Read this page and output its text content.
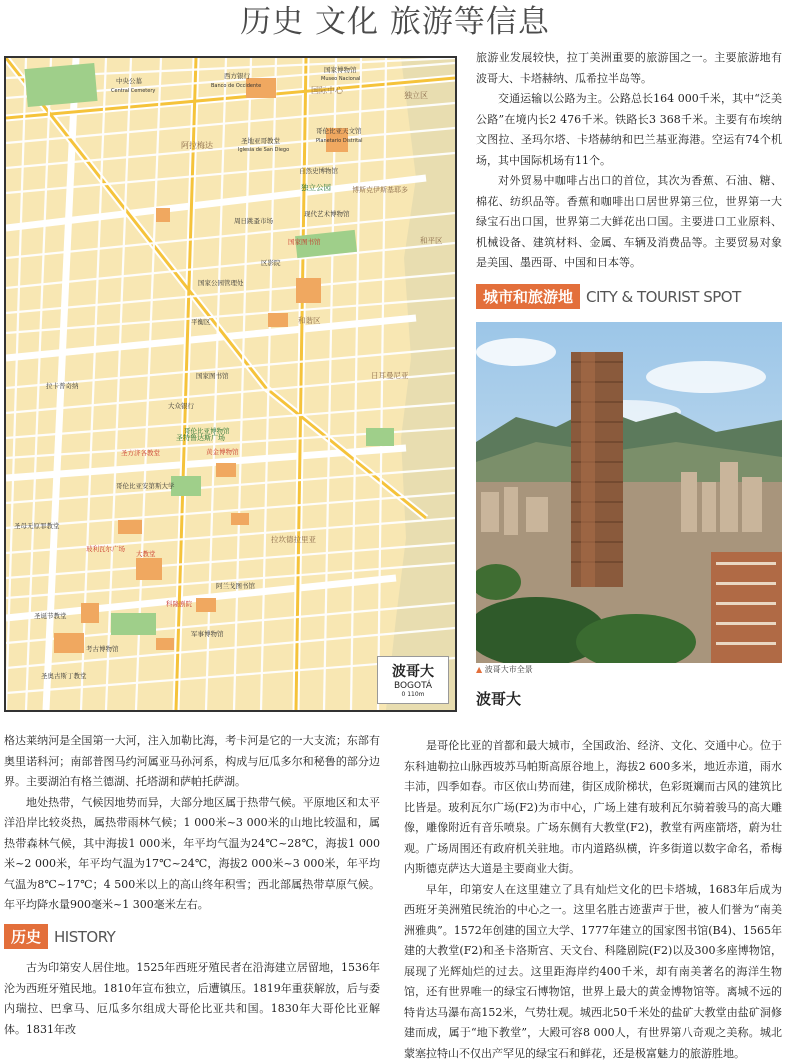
历史 文化 旅游等信息
中央公墓
Central Cemetery
西方银行
Banco de Occidente
国家博物馆
Museo Nacional
国际中心
独立区
阿拉梅达	圣地亚哥教堂
Iglesia de San Diego
哥伦比亚天文馆
Planetario Distrital
自然史博物馆
独立公园	博斯克伊斯基耶多
现代艺术博物馆
周日跳蚤市场
国家图书馆
区影院
和平区
国家公园管理处
平衡区	和谐区
国家图书馆
大众银行
哥伦比亚博物馆
圣特鲁达斯广场
圣方济各教堂	黄金博物馆
拉卡普奇纳
日耳曼尼亚
哥伦比亚安第斯大学
玻利瓦尔广场
大教堂
科隆剧院
拉坎德拉里亚
军事博物馆
阿兰戈图书馆
考古博物馆
圣奥古斯丁教堂
圣诞节教堂
圣母无原罪教堂
波哥大
BOGOTÁ
0 110m

旅游业发展较快，拉丁美洲重要的旅游国之一。主要旅游地有波哥大、卡塔赫纳、瓜希拉半岛等。

交通运输以公路为主。公路总长164 000千米，其中“泛美公路”在境内长2 476千米。铁路长3 368千米。主要有布埃纳文图拉、圣玛尔塔、卡塔赫纳和巴兰基亚海港。空运有74个机场，其中国际机场有11个。

对外贸易中咖啡占出口的首位，其次为香蕉、石油、糖、棉花、纺织品等。香蕉和咖啡出口居世界第三位，世界第一大绿宝石出口国，世界第二大鲜花出口国。主要进口工业原料、机械设备、建筑材料、金属、车辆及消费品等。主要贸易对象是美国、墨西哥、中国和日本等。

城市和旅游地 CITY & TOURIST SPOT
▲ 波哥大市全景
波哥大

格达莱纳河是全国第一大河，注入加勒比海，考卡河是它的一大支流；东部有奥里诺科河；南部普图马约河属亚马孙河系，构成与厄瓜多尔和秘鲁的部分边界。主要湖泊有格兰德湖、托塔湖和萨帕托萨湖。

地处热带，气候因地势而异，大部分地区属于热带气候。平原地区和太平洋沿岸比较炎热，属热带雨林气候；1 000米~3 000米的山地比较温和，属热带森林气候，其中海拔1 000米，年平均气温为24℃~28℃，海拔1 000米~2 000米，年平均气温为17℃~24℃，海拔2 000米~3 000米，年平均气温为8℃~17℃；4 500米以上的高山终年积雪；西北部属热带草原气候。年平均降水量900毫米~1 300毫米左右。

历史 HISTORY

古为印第安人居住地。1525年西班牙殖民者在沿海建立居留地，1536年沦为西班牙殖民地。1810年宣布独立，后遭镇压。1819年重获解放，后与委内瑞拉、巴拿马、厄瓜多尔组成大哥伦比亚共和国。1830年大哥伦比亚解体。1831年改

是哥伦比亚的首都和最大城市，全国政治、经济、文化、交通中心。位于东科迪勒拉山脉西坡苏马帕斯高原谷地上，海拔2 600多米，地近赤道，雨水丰沛，四季如春。市区依山势而建，街区成阶梯状，色彩斑斓而古风的建筑比比皆是。玻利瓦尔广场(F2)为市中心，广场上建有玻利瓦尔骑着骏马的高大雕像，雕像附近有音乐喷泉。广场东侧有大教堂(F2)，教堂有两座箭塔，蔚为壮观。广场周围还有政府机关驻地。市内道路纵横，许多街道以数字命名，希梅内斯德克萨达大道是主要商业大街。

早年，印第安人在这里建立了具有灿烂文化的巴卡塔城，1683年后成为西班牙美洲殖民统治的中心之一。这里名胜古迹蜚声于世，被人们誉为“南美洲雅典”。1572年创建的国立大学、1777年建立的国家图书馆(B4)、1565年建的大教堂(F2)和圣卡洛斯宫、天文台、科隆剧院(F2)以及300多座博物馆，展现了光辉灿烂的过去。这里距海岸约400千米，却有南美著名的海洋生物馆，还有世界唯一的绿宝石博物馆，世界上最大的黄金博物馆等。离城不远的特肯达马瀑布高152米，气势壮观。城西北50千米处的盐矿大教堂由盐矿洞修建而成，属于“地下教堂”，大殿可容8 000人，有世界第八奇观之美称。城北蒙塞拉特山不仅出产罕见的绿宝石和鲜花，还是极富魅力的旅游胜地。
